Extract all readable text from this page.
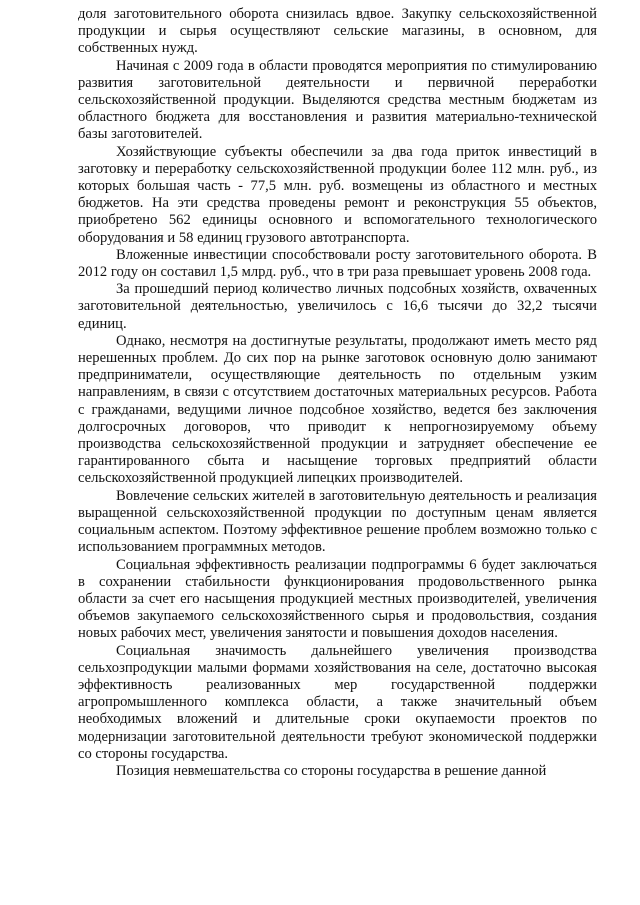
доля заготовительного оборота снизилась вдвое. Закупку сельскохозяйственной продукции и сырья осуществляют сельские магазины, в основном, для собственных нужд.

Начиная с 2009 года в области проводятся мероприятия по стимулированию развития заготовительной деятельности и первичной переработки сельскохозяйственной продукции. Выделяются средства местным бюджетам из областного бюджета для восстановления и развития материально-технической базы заготовителей.

Хозяйствующие субъекты обеспечили за два года приток инвестиций в заготовку и переработку сельскохозяйственной продукции более 112 млн. руб., из которых большая часть - 77,5 млн. руб. возмещены из областного и местных бюджетов. На эти средства проведены ремонт и реконструкция 55 объектов, приобретено 562 единицы основного и вспомогательного технологического оборудования и 58 единиц грузового автотранспорта.

Вложенные инвестиции способствовали росту заготовительного оборота. В 2012 году он составил 1,5 млрд. руб., что в три раза превышает уровень 2008 года.

За прошедший период количество личных подсобных хозяйств, охваченных заготовительной деятельностью, увеличилось с 16,6 тысячи до 32,2 тысячи единиц.

Однако, несмотря на достигнутые результаты, продолжают иметь место ряд нерешенных проблем. До сих пор на рынке заготовок основную долю занимают предприниматели, осуществляющие деятельность по отдельным узким направлениям, в связи с отсутствием достаточных материальных ресурсов. Работа с гражданами, ведущими личное подсобное хозяйство, ведется без заключения долгосрочных договоров, что приводит к непрогнозируемому объему производства сельскохозяйственной продукции и затрудняет обеспечение ее гарантированного сбыта и насыщение торговых предприятий области сельскохозяйственной продукцией липецких производителей.

Вовлечение сельских жителей в заготовительную деятельность и реализация выращенной сельскохозяйственной продукции по доступным ценам является социальным аспектом. Поэтому эффективное решение проблем возможно только с использованием программных методов.

Социальная эффективность реализации подпрограммы 6 будет заключаться в сохранении стабильности функционирования продовольственного рынка области за счет его насыщения продукцией местных производителей, увеличения объемов закупаемого сельскохозяйственного сырья и продовольствия, создания новых рабочих мест, увеличения занятости и повышения доходов населения.

Социальная значимость дальнейшего увеличения производства сельхозпродукции малыми формами хозяйствования на селе, достаточно высокая эффективность реализованных мер государственной поддержки агропромышленного комплекса области, а также значительный объем необходимых вложений и длительные сроки окупаемости проектов по модернизации заготовительной деятельности требуют экономической поддержки со стороны государства.

Позиция невмешательства со стороны государства в решение данной
